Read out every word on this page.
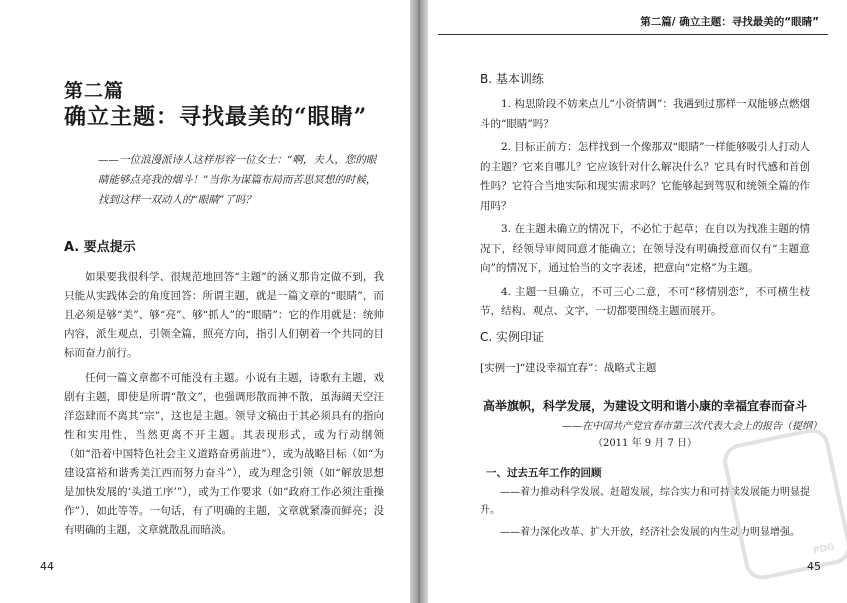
第二篇
确立主题：寻找最美的“眼睛”
——一位浪漫派诗人这样形容一位女士：“啊，夫人，您的眼睛能够点亮我的烟斗！”当你为谋篇布局而苦思冥想的时候，找到这样一双动人的“眼睛”了吗？
A. 要点提示

如果要我很科学、很规范地回答“主题”的涵义那肯定做不到，我只能从实践体会的角度回答：所谓主题，就是一篇文章的“眼睛”，而且必须是够“美”、够“亮”、够“抓人”的“眼睛”：它的作用就是：统帅内容，派生观点，引领全篇，照亮方向，指引人们朝着一个共同的目标而奋力前行。

任何一篇文章都不可能没有主题。小说有主题，诗歌有主题，戏剧有主题，即使是所谓“散文”，也强调形散而神不散，虽海阔天空汪洋恣肆而不离其“宗”，这也是主题。领导文稿由于其必须具有的指向性和实用性，当然更离不开主题。其表现形式，或为行动纲领（如“沿着中国特色社会主义道路奋勇前进”），或为战略目标（如“为建设富裕和谐秀美江西而努力奋斗”），或为理念引领（如“解放思想是加快发展的‘头道工序’”），或为工作要求（如“政府工作必须注重操作”），如此等等。一句话，有了明确的主题，文章就紧凑而鲜亮；没有明确的主题，文章就散乱而暗淡。

44
第二篇/ 确立主题：寻找最美的“眼睛”
B. 基本训练

1. 构思阶段不妨来点儿“小资情调”：我遇到过那样一双能够点燃烟斗的“眼睛”吗？

2. 目标正前方：怎样找到一个像那双“眼睛”一样能够吸引人打动人的主题？它来自哪儿？它应该针对什么解决什么？它具有时代感和首创性吗？它符合当地实际和现实需求吗？它能够起到驾驭和统领全篇的作用吗？

3. 在主题未确立的情况下，不必忙于起草；在自以为找准主题的情况下，经领导审阅同意才能确立；在领导没有明确授意而仅有“主题意向”的情况下，通过恰当的文字表述，把意向“定格”为主题。

4. 主题一旦确立，不可三心二意，不可“移情别恋”，不可横生枝节，结构、观点、文字，一切都要围绕主题而展开。

C. 实例印证
[实例一]“建设幸福宜春”：战略式主题
高举旗帜，科学发展，为建设文明和谐小康的幸福宜春而奋斗
——在中国共产党宜春市第三次代表大会上的报告（提纲）
（2011 年 9 月 7 日）
一、过去五年工作的回顾

——着力推动科学发展、赶超发展，综合实力和可持续发展能力明显提升。

——着力深化改革、扩大开放，经济社会发展的内生动力明显增强。

PDG
45
